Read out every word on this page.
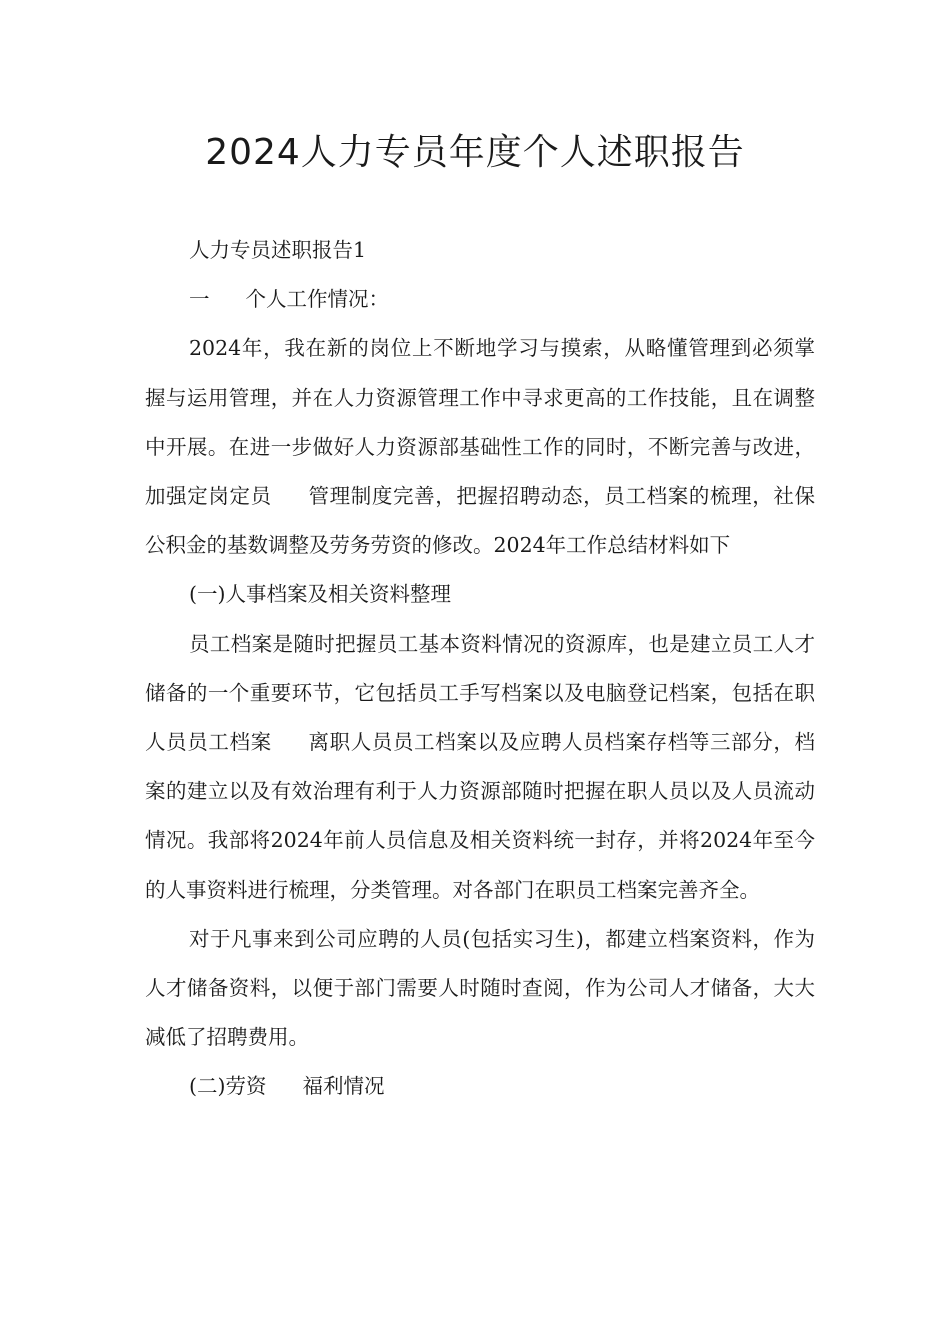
2024人力专员年度个人述职报告

人力专员述职报告1

一 个人工作情况：

2024年，我在新的岗位上不断地学习与摸索，从略懂管理到必须掌握与运用管理，并在人力资源管理工作中寻求更高的工作技能，且在调整中开展。在进一步做好人力资源部基础性工作的同时，不断完善与改进，加强定岗定员 管理制度完善，把握招聘动态，员工档案的梳理，社保公积金的基数调整及劳务劳资的修改。2024年工作总结材料如下

(一)人事档案及相关资料整理

员工档案是随时把握员工基本资料情况的资源库，也是建立员工人才储备的一个重要环节，它包括员工手写档案以及电脑登记档案，包括在职人员员工档案 离职人员员工档案以及应聘人员档案存档等三部分，档案的建立以及有效治理有利于人力资源部随时把握在职人员以及人员流动情况。我部将2024年前人员信息及相关资料统一封存，并将2024年至今的人事资料进行梳理，分类管理。对各部门在职员工档案完善齐全。

对于凡事来到公司应聘的人员(包括实习生)，都建立档案资料，作为人才储备资料，以便于部门需要人时随时查阅，作为公司人才储备，大大减低了招聘费用。

(二)劳资 福利情况
